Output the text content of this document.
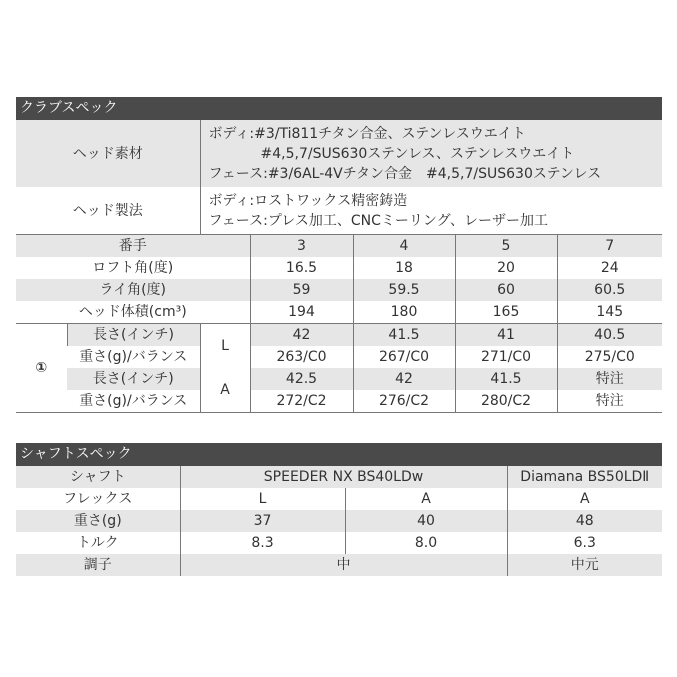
クラブスペック
ヘッド素材		ボディ:#3/Ti811チタン合金、ステンレスウエイト
#4,5,7/SUS630ステンレス、ステンレスウエイト
フェース:#3/6AL-4Vチタン合金　#4,5,7/SUS630ステンレス				

ヘッド製法		ボディ:ロストワックス精密鋳造
フェース:プレス加工、CNCミーリング、レーザー加工				

番手			3	4	5	7
ロフト角(度)			16.5	18	20	24
ライ角(度)			59	59.5	60	60.5
ヘッド体積(cm³)			194	180	165	145
①	長さ(インチ)	L	42	41.5	41	40.5
	重さ(g)/バランス		263/C0	267/C0	271/C0	275/C0
	長さ(インチ)	A	42.5	42	41.5	特注
	重さ(g)/バランス		272/C2	276/C2	280/C2	特注
シャフトスペック
シャフト	SPEEDER NX BS40LDw		Diamana BS50LDⅡ
フレックス	L	A	A
重さ(g)	37	40	48
トルク	8.3	8.0	6.3
調子	中		中元
